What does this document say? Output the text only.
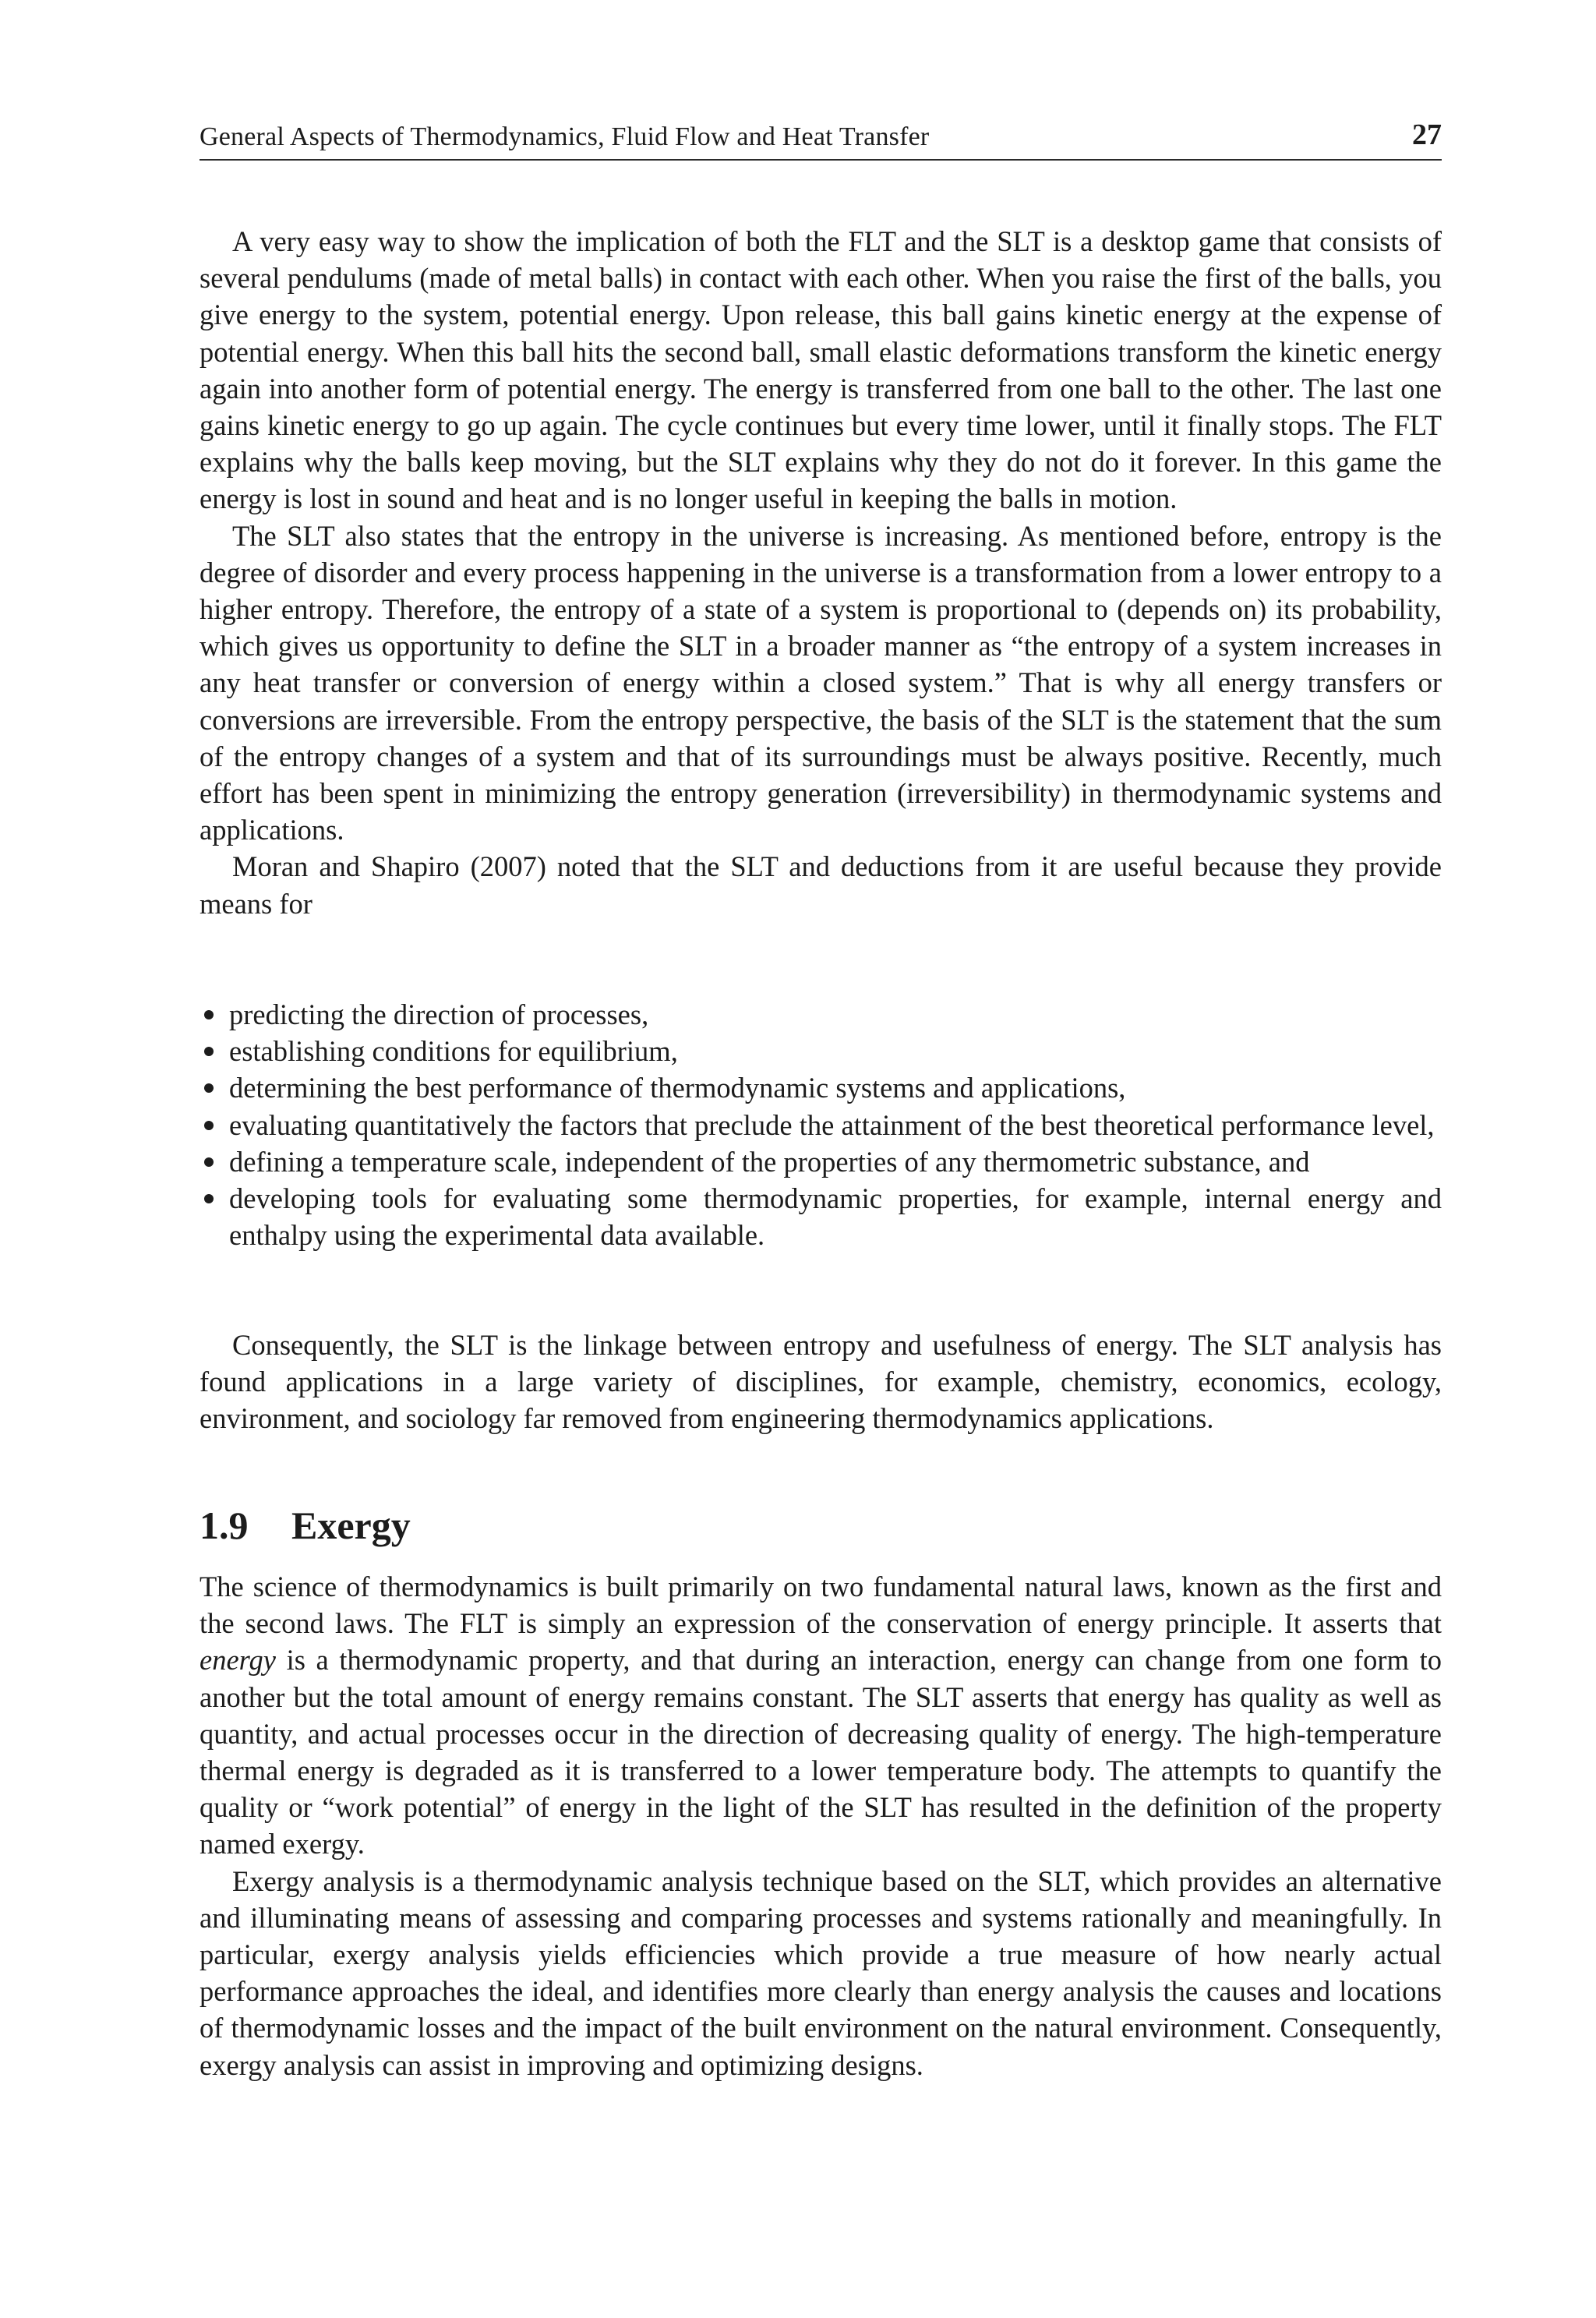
General Aspects of Thermodynamics, Fluid Flow and Heat Transfer	27

A very easy way to show the implication of both the FLT and the SLT is a desktop game that consists of several pendulums (made of metal balls) in contact with each other. When you raise the first of the balls, you give energy to the system, potential energy. Upon release, this ball gains kinetic energy at the expense of potential energy. When this ball hits the second ball, small elastic deformations transform the kinetic energy again into another form of potential energy. The energy is transferred from one ball to the other. The last one gains kinetic energy to go up again. The cycle continues but every time lower, until it finally stops. The FLT explains why the balls keep moving, but the SLT explains why they do not do it forever. In this game the energy is lost in sound and heat and is no longer useful in keeping the balls in motion.

The SLT also states that the entropy in the universe is increasing. As mentioned before, entropy is the degree of disorder and every process happening in the universe is a transformation from a lower entropy to a higher entropy. Therefore, the entropy of a state of a system is proportional to (depends on) its probability, which gives us opportunity to define the SLT in a broader manner as “the entropy of a system increases in any heat transfer or conversion of energy within a closed system.” That is why all energy transfers or conversions are irreversible. From the entropy perspective, the basis of the SLT is the statement that the sum of the entropy changes of a system and that of its surroundings must be always positive. Recently, much effort has been spent in minimizing the entropy generation (irreversibility) in thermodynamic systems and applications.

Moran and Shapiro (2007) noted that the SLT and deductions from it are useful because they provide means for

predicting the direction of processes,
establishing conditions for equilibrium,
determining the best performance of thermodynamic systems and applications,
evaluating quantitatively the factors that preclude the attainment of the best theoretical performance level,
defining a temperature scale, independent of the properties of any thermometric substance, and
developing tools for evaluating some thermodynamic properties, for example, internal energy and enthalpy using the experimental data available.

Consequently, the SLT is the linkage between entropy and usefulness of energy. The SLT analysis has found applications in a large variety of disciplines, for example, chemistry, economics, ecology, environment, and sociology far removed from engineering thermodynamics applications.

1.9	Exergy

The science of thermodynamics is built primarily on two fundamental natural laws, known as the first and the second laws. The FLT is simply an expression of the conservation of energy principle. It asserts that energy is a thermodynamic property, and that during an interaction, energy can change from one form to another but the total amount of energy remains constant. The SLT asserts that energy has quality as well as quantity, and actual processes occur in the direction of decreasing quality of energy. The high-temperature thermal energy is degraded as it is transferred to a lower temperature body. The attempts to quantify the quality or “work potential” of energy in the light of the SLT has resulted in the definition of the property named exergy.

Exergy analysis is a thermodynamic analysis technique based on the SLT, which provides an alternative and illuminating means of assessing and comparing processes and systems rationally and meaningfully. In particular, exergy analysis yields efficiencies which provide a true measure of how nearly actual performance approaches the ideal, and identifies more clearly than energy analysis the causes and locations of thermodynamic losses and the impact of the built environment on the natural environment. Consequently, exergy analysis can assist in improving and optimizing designs.
